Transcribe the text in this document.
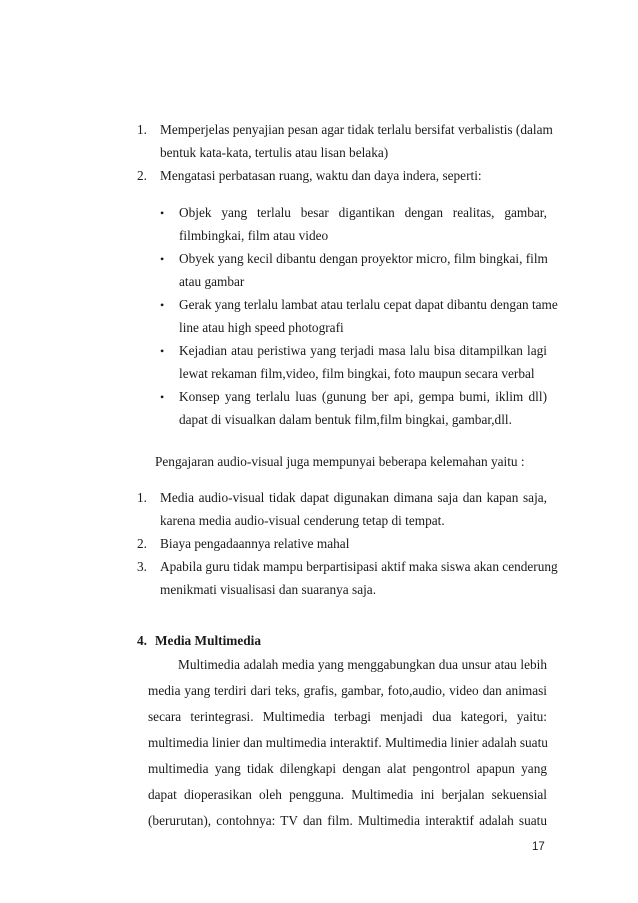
1. Memperjelas penyajian pesan agar tidak terlalu bersifat verbalistis (dalam
bentuk kata-kata, tertulis atau lisan belaka)
2. Mengatasi perbatasan ruang, waktu dan daya indera, seperti:
• Objek yang terlalu besar digantikan dengan realitas, gambar,
filmbingkai, film atau video
• Obyek yang kecil dibantu dengan proyektor micro, film bingkai, film
atau gambar
• Gerak yang terlalu lambat atau terlalu cepat dapat dibantu dengan tame
line atau high speed photografi
• Kejadian atau peristiwa yang terjadi masa lalu bisa ditampilkan lagi
lewat rekaman film,video, film bingkai, foto maupun secara verbal
• Konsep yang terlalu luas (gunung ber api, gempa bumi, iklim dll)
dapat di visualkan dalam bentuk film,film bingkai, gambar,dll.
Pengajaran audio-visual juga mempunyai beberapa kelemahan yaitu :
1. Media audio-visual tidak dapat digunakan dimana saja dan kapan saja,
karena media audio-visual cenderung tetap di tempat.
2. Biaya pengadaannya relative mahal
3. Apabila guru tidak mampu berpartisipasi aktif maka siswa akan cenderung
menikmati visualisasi dan suaranya saja.
4. Media Multimedia
Multimedia adalah media yang menggabungkan dua unsur atau lebih
media yang terdiri dari teks, grafis, gambar, foto,audio, video dan animasi
secara terintegrasi. Multimedia terbagi menjadi dua kategori, yaitu:
multimedia linier dan multimedia interaktif. Multimedia linier adalah suatu
multimedia yang tidak dilengkapi dengan alat pengontrol apapun yang
dapat dioperasikan oleh pengguna. Multimedia ini berjalan sekuensial
(berurutan), contohnya: TV dan film. Multimedia interaktif adalah suatu
17
